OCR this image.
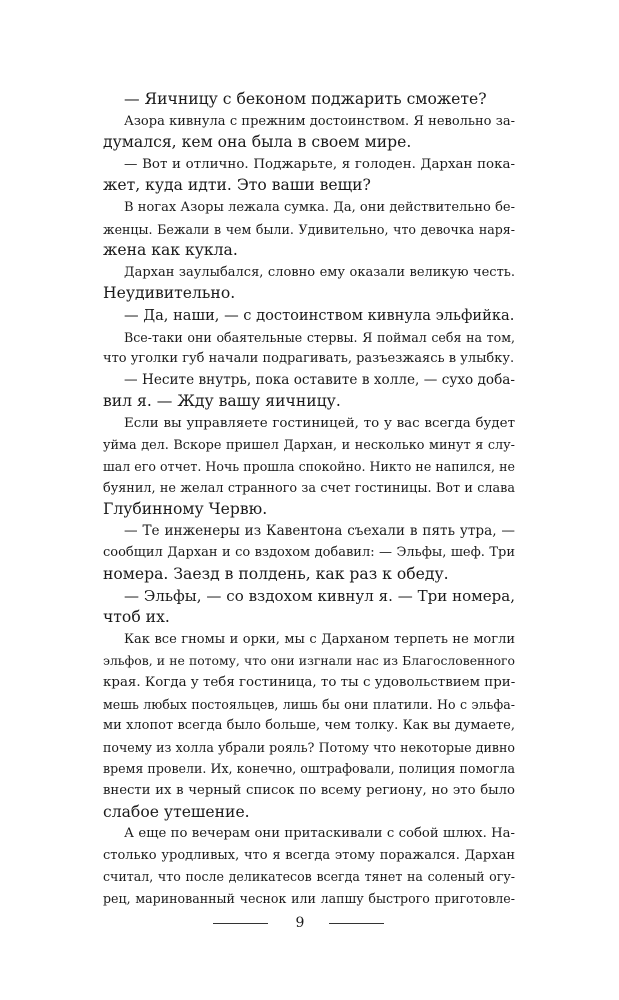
— Яичницу с беконом поджарить сможете?
Азора кивнула с прежним достоинством. Я невольно за-
думался, кем она была в своем мире.
— Вот и отлично. Поджарьте, я голоден. Дархан пока-
жет, куда идти. Это ваши вещи?
В ногах Азоры лежала сумка. Да, они действительно бе-
женцы. Бежали в чем были. Удивительно, что девочка наря-
жена как кукла.
Дархан заулыбался, словно ему оказали великую честь.
Неудивительно.
— Да, наши, — с достоинством кивнула эльфийка.
Все-таки они обаятельные стервы. Я поймал себя на том,
что уголки губ начали подрагивать, разъезжаясь в улыбку.
— Несите внутрь, пока оставите в холле, — сухо доба-
вил я. — Жду вашу яичницу.
Если вы управляете гостиницей, то у вас всегда будет
уйма дел. Вскоре пришел Дархан, и несколько минут я слу-
шал его отчет. Ночь прошла спокойно. Никто не напился, не
буянил, не желал странного за счет гостиницы. Вот и слава
Глубинному Червю.
— Те инженеры из Кавентона съехали в пять утра, —
сообщил Дархан и со вздохом добавил: — Эльфы, шеф. Три
номера. Заезд в полдень, как раз к обеду.
— Эльфы, — со вздохом кивнул я. — Три номера,
чтоб их.
Как все гномы и орки, мы с Дарханом терпеть не могли
эльфов, и не потому, что они изгнали нас из Благословенного
края. Когда у тебя гостиница, то ты с удовольствием при-
мешь любых постояльцев, лишь бы они платили. Но с эльфа-
ми хлопот всегда было больше, чем толку. Как вы думаете,
почему из холла убрали рояль? Потому что некоторые дивно
время провели. Их, конечно, оштрафовали, полиция помогла
внести их в черный список по всему региону, но это было
слабое утешение.
А еще по вечерам они притаскивали с собой шлюх. На-
столько уродливых, что я всегда этому поражался. Дархан
считал, что после деликатесов всегда тянет на соленый огу-
рец, маринованный чеснок или лапшу быстрого приготовле-
9
